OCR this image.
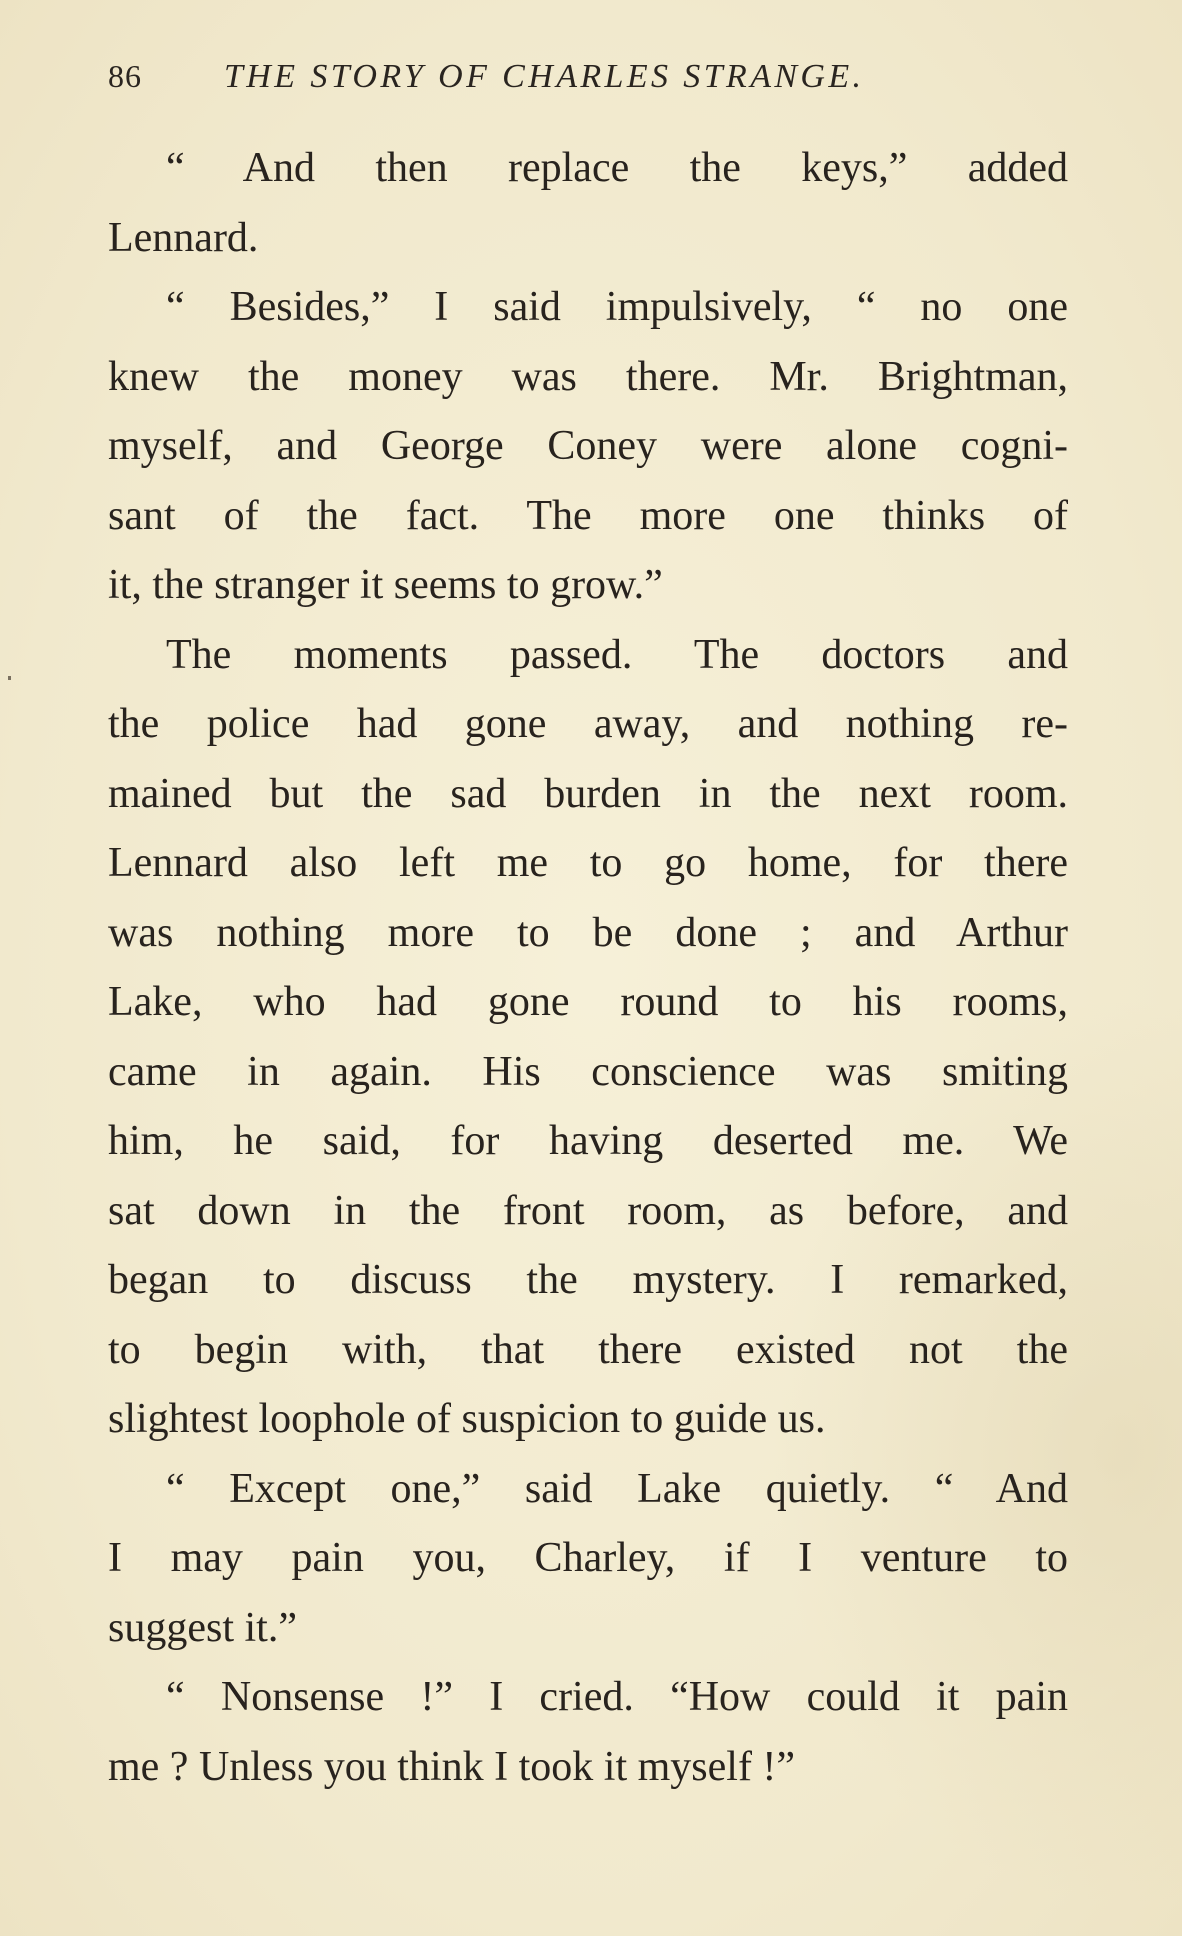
86 THE STORY OF CHARLES STRANGE.
“ And then replace the keys,” added
Lennard.
“ Besides,” I said impulsively, “ no one
knew the money was there. Mr. Brightman,
myself, and George Coney were alone cogni-
sant of the fact. The more one thinks of
it, the stranger it seems to grow.”
The moments passed. The doctors and
the police had gone away, and nothing re-
mained but the sad burden in the next room.
Lennard also left me to go home, for there
was nothing more to be done ; and Arthur
Lake, who had gone round to his rooms,
came in again. His conscience was smiting
him, he said, for having deserted me. We
sat down in the front room, as before, and
began to discuss the mystery. I remarked,
to begin with, that there existed not the
slightest loophole of suspicion to guide us.
“ Except one,” said Lake quietly. “ And
I may pain you, Charley, if I venture to
suggest it.”
“ Nonsense !” I cried. “How could it pain
me ? Unless you think I took it myself !”
